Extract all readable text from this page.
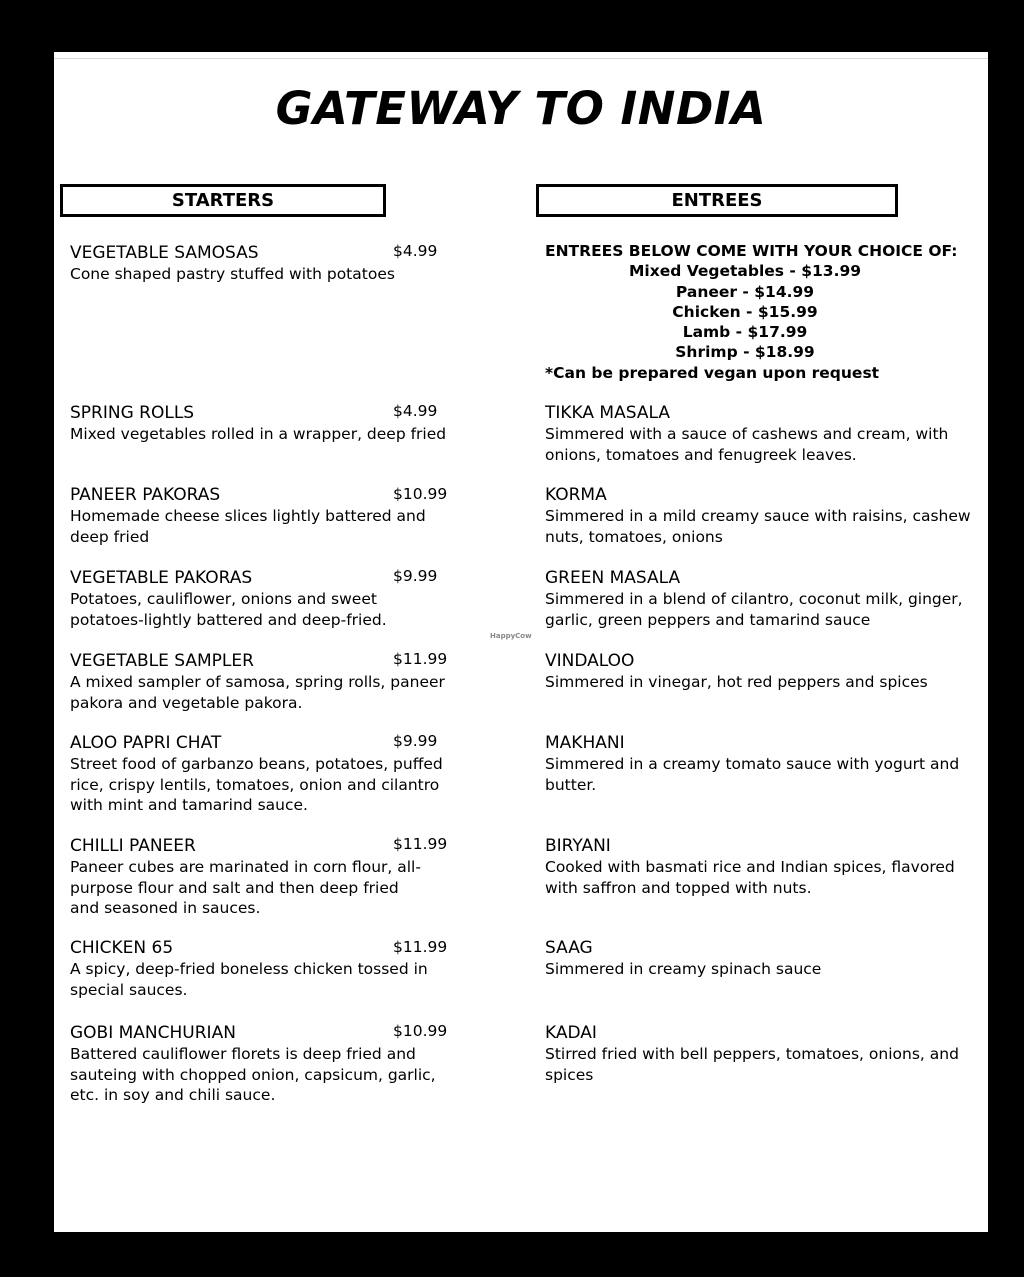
GATEWAY TO INDIA
STARTERS	ENTREES
VEGETABLE SAMOSAS
Cone shaped pastry stuffed with potatoes
$4.99
SPRING ROLLS
Mixed vegetables rolled in a wrapper, deep fried
$4.99
PANEER PAKORAS
Homemade cheese slices lightly battered and deep fried
$10.99
VEGETABLE PAKORAS
Potatoes, cauliflower, onions and sweet potatoes-lightly battered and deep-fried.
$9.99
VEGETABLE SAMPLER
A mixed sampler of samosa, spring rolls, paneer pakora and vegetable pakora.
$11.99
ALOO PAPRI CHAT
Street food of garbanzo beans, potatoes, puffed rice, crispy lentils, tomatoes, onion and cilantro with mint and tamarind sauce.
$9.99
CHILLI PANEER
Paneer cubes are marinated in corn flour, all-purpose flour and salt and then deep fried and seasoned in sauces.
$11.99
CHICKEN 65
A spicy, deep-fried boneless chicken tossed in special sauces.
$11.99
GOBI MANCHURIAN
Battered cauliflower florets is deep fried and sauteing with chopped onion, capsicum, garlic, etc. in soy and chili sauce.
$10.99
ENTREES BELOW COME WITH YOUR CHOICE OF:
Mixed Vegetables - $13.99
Paneer - $14.99
Chicken - $15.99
Lamb - $17.99
Shrimp - $18.99
*Can be prepared vegan upon request
TIKKA MASALA
Simmered with a sauce of cashews and cream, with onions, tomatoes and fenugreek leaves.
KORMA
Simmered in a mild creamy sauce with raisins, cashew nuts, tomatoes, onions
GREEN MASALA
Simmered in a blend of cilantro, coconut milk, ginger, garlic, green peppers and tamarind sauce
VINDALOO
Simmered in vinegar, hot red peppers and spices
MAKHANI
Simmered in a creamy tomato sauce with yogurt and butter.
BIRYANI
Cooked with basmati rice and Indian spices, flavored with saffron and topped with nuts.
SAAG
Simmered in creamy spinach sauce
KADAI
Stirred fried with bell peppers, tomatoes, onions, and spices
HappyCow
